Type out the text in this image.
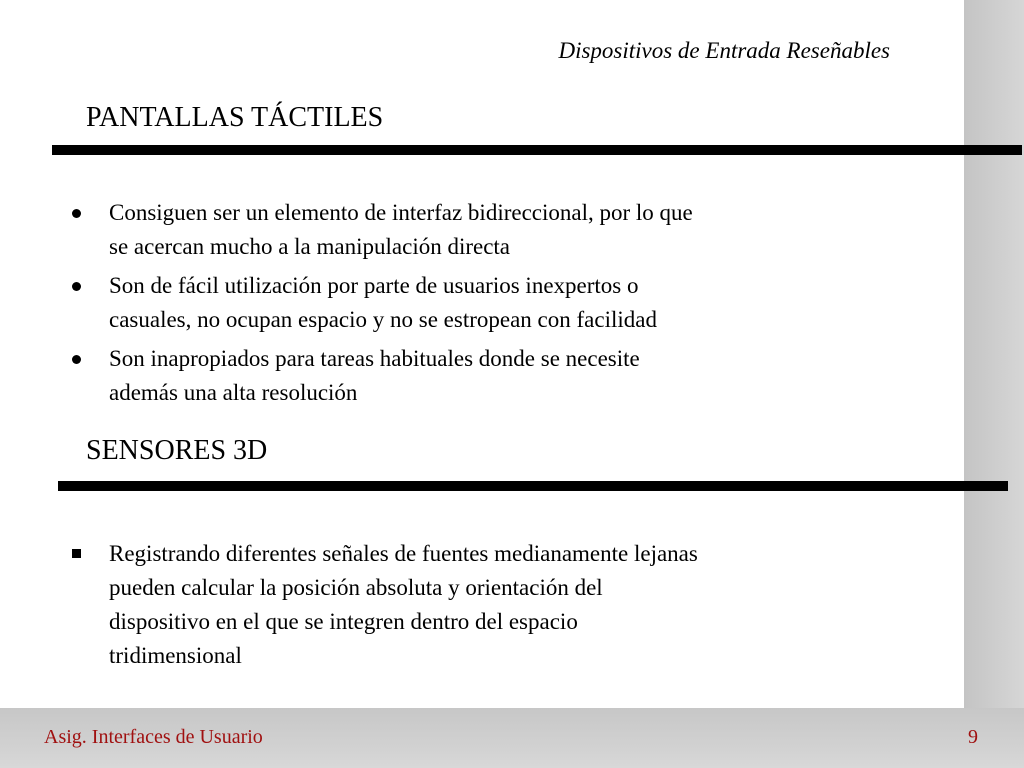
Dispositivos de Entrada Reseñables
PANTALLAS TÁCTILES
Consiguen ser un elemento de interfaz bidireccional, por lo que
se acercan mucho a la manipulación directa
Son de fácil utilización por parte de usuarios inexpertos o
casuales, no ocupan espacio y no se estropean con facilidad
Son inapropiados para tareas habituales donde se necesite
además una alta resolución
SENSORES 3D
Registrando diferentes señales de fuentes medianamente lejanas
pueden calcular la posición absoluta y orientación del
dispositivo en el que se integren dentro del espacio
tridimensional
Asig. Interfaces de Usuario	9
